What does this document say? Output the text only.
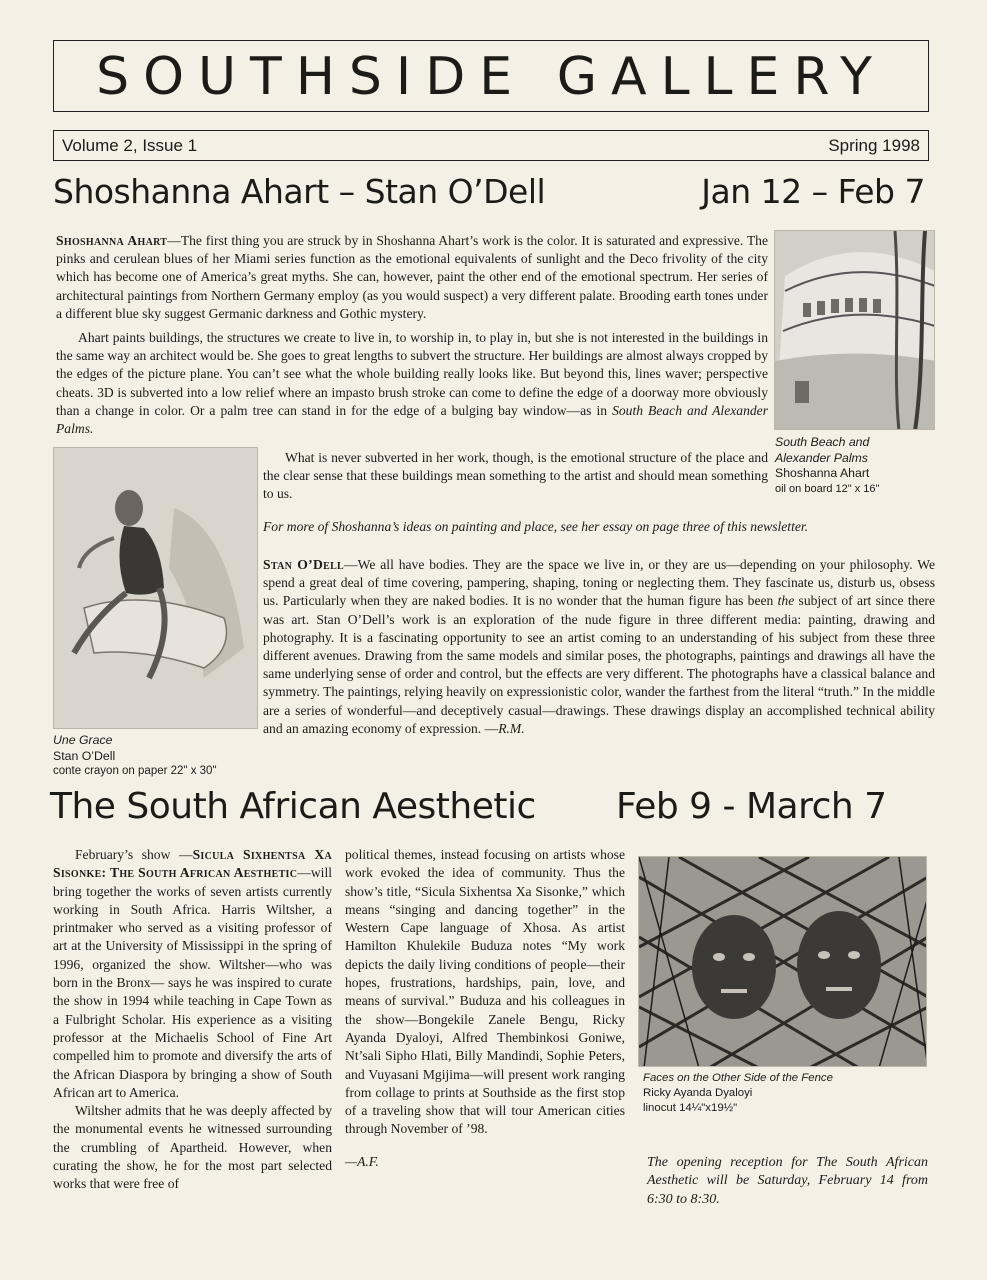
SOUTHSIDE GALLERY
Volume 2, Issue 1	Spring 1998
Shoshanna Ahart – Stan O’Dell	Jan 12 – Feb 7

Shoshanna Ahart—The first thing you are struck by in Shoshanna Ahart’s work is the color. It is saturated and expressive. The pinks and cerulean blues of her Miami series function as the emotional equivalents of sunlight and the Deco frivolity of the city which has become one of America’s great myths. She can, however, paint the other end of the emotional spectrum. Her series of architectural paintings from Northern Germany employ (as you would suspect) a very different palate. Brooding earth tones under a different blue sky suggest Germanic darkness and Gothic mystery.

Ahart paints buildings, the structures we create to live in, to worship in, to play in, but she is not interested in the buildings in the same way an architect would be. She goes to great lengths to subvert the structure. Her buildings are almost always cropped by the edges of the picture plane. You can’t see what the whole building really looks like. But beyond this, lines waver; perspective cheats. 3D is subverted into a low relief where an impasto brush stroke can come to define the edge of a doorway more obviously than a change in color. Or a palm tree can stand in for the edge of a bulging bay window—as in South Beach and Alexander Palms.

South Beach and
Alexander Palms
Shoshanna Ahart
oil on board 12" x 16"

What is never subverted in her work, though, is the emotional structure of the place and the clear sense that these buildings mean something to the artist and should mean something to us.

Une Grace
Stan O’Dell
conte crayon on paper 22" x 30"
For more of Shoshanna’s ideas on painting and place, see her essay on page three of this newsletter.

Stan O’Dell—We all have bodies. They are the space we live in, or they are us—depending on your philosophy. We spend a great deal of time covering, pampering, shaping, toning or neglecting them. They fascinate us, disturb us, obsess us. Particularly when they are naked bodies. It is no wonder that the human figure has been the subject of art since there was art. Stan O’Dell’s work is an exploration of the nude figure in three different media: painting, drawing and photography. It is a fascinating opportunity to see an artist coming to an understanding of his subject from these three different avenues. Drawing from the same models and similar poses, the photographs, paintings and drawings all have the same underlying sense of order and control, but the effects are very different. The photographs have a classical balance and symmetry. The paintings, relying heavily on expressionistic color, wander the farthest from the literal “truth.” In the middle are a series of wonderful—and deceptively casual—drawings. These drawings display an accomplished technical ability and an amazing economy of expression. —R.M.

The South African Aesthetic Feb 9 - March 7

February’s show —Sicula Sixhentsa Xa Sisonke: The South African Aesthetic—will bring together the works of seven artists currently working in South Africa. Harris Wiltsher, a printmaker who served as a visiting professor of art at the University of Mississippi in the spring of 1996, organized the show. Wiltsher—who was born in the Bronx— says he was inspired to curate the show in 1994 while teaching in Cape Town as a Fulbright Scholar. His experience as a visiting professor at the Michaelis School of Fine Art compelled him to promote and diversify the arts of the African Diaspora by bringing a show of South African art to America.

Wiltsher admits that he was deeply affected by the monumental events he witnessed surrounding the crumbling of Apartheid. However, when curating the show, he for the most part selected works that were free of

political themes, instead focusing on artists whose work evoked the idea of community. Thus the show’s title, “Sicula Sixhentsa Xa Sisonke,” which means “singing and dancing together” in the Western Cape language of Xhosa. As artist Hamilton Khulekile Buduza notes “My work depicts the daily living conditions of people—their hopes, frustrations, hardships, pain, love, and means of survival.” Buduza and his colleagues in the show—Bongekile Zanele Bengu, Ricky Ayanda Dyaloyi, Alfred Thembinkosi Goniwe, Nt’sali Sipho Hlati, Billy Mandindi, Sophie Peters, and Vuyasani Mgijima—will present work ranging from collage to prints at Southside as the first stop of a traveling show that will tour American cities through November of ’98.

—A.F.

Faces on the Other Side of the Fence
Ricky Ayanda Dyaloyi
linocut 14¼"x19½"
The opening reception for The South African Aesthetic will be Saturday, February 14 from 6:30 to 8:30.
